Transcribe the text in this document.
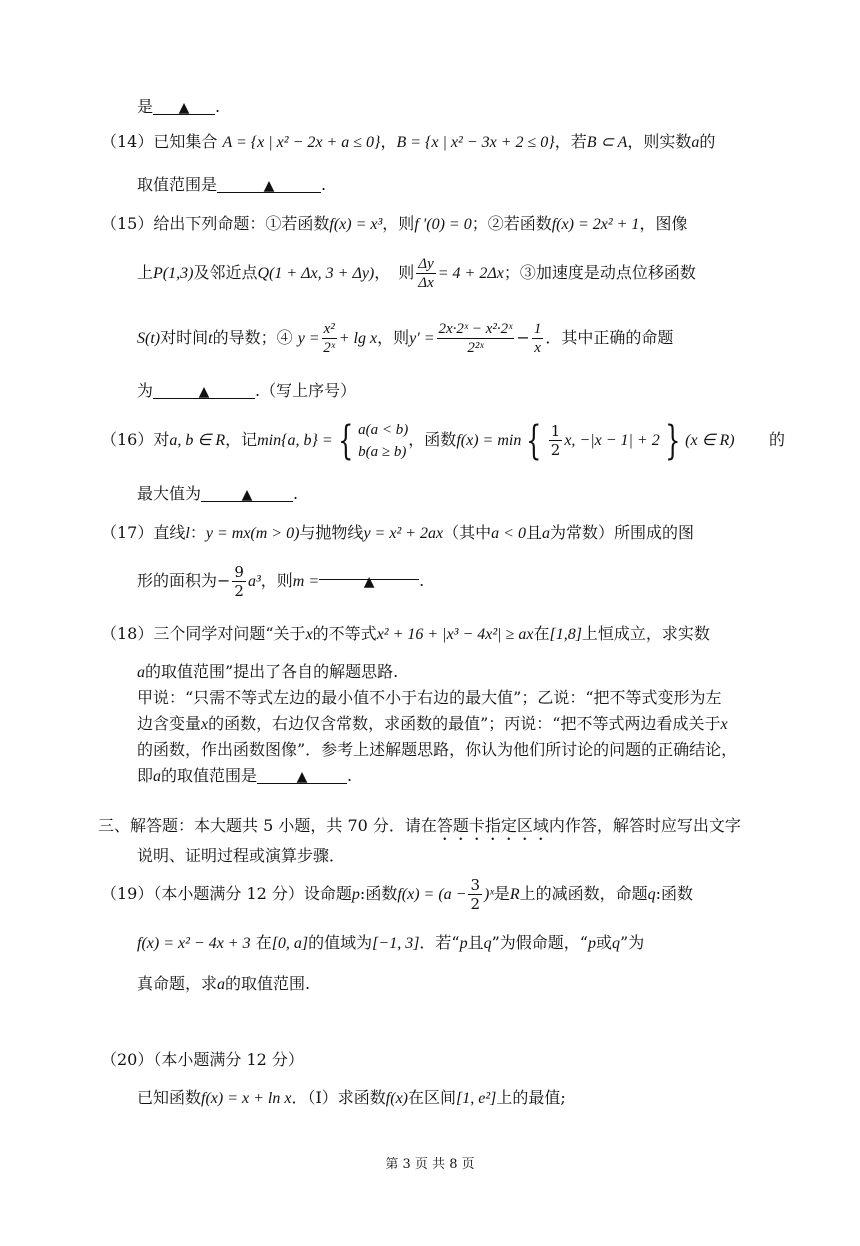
是 ▲ .
（14）已知集合 A = {x | x² − 2x + a ≤ 0}，B = {x | x² − 3x + 2 ≤ 0}，若B ⊂ A，则实数a的
取值范围是	▲	.
（15）给出下列命题：①若函数f(x) = x³，则f ′(0) = 0；②若函数f(x) = 2x² + 1，图像
上P(1,3)及邻近点Q(1 + Δx, 3 + Δy)，　则 $\frac{\Delta y}{\Delta x} = 4 + 2\Delta x$；③加速度是动点位移函数
S(t)对时间t的导数；④ $y = \frac{\text{x²}}{\text{2ˣ}} + \lg x$，则$y' = \frac{\text{2x·2ˣ − x²·2ˣ}}{\text{2²ˣ}} - \frac{1}{x}$ ．其中正确的命题
为	▲	.（写上序号）
（16）对a, b ∈ R，记min{a, b} = { a(a < b)
b(a ≥ b)
，函数f(x) = min { $\frac{1}{2} x$, −|x − 1| + 2 } (x ∈ R) 的
最大值为	▲	.
（17）直线l：y = mx(m > 0)与抛物线y = x² + 2ax（其中a < 0且a为常数）所围成的图
形的面积为− $\frac{9}{2} a^3$，则m =	▲	.
（18）三个同学对问题“关于x的不等式x² + 16 + |x³ − 4x²| ≥ ax在[1,8]上恒成立，求实数
a的取值范围”提出了各自的解题思路.
甲说：“只需不等式左边的最小值不小于右边的最大值”；乙说：“把不等式变形为左
边含变量x的函数，右边仅含常数，求函数的最值”；丙说：“把不等式两边看成关于x
的函数，作出函数图像”．参考上述解题思路，你认为他们所讨论的问题的正确结论，
即a的取值范围是	▲ .
三、解答题：本大题共 5 小题，共 70 分．请在答题卡指定区域内作答，解答时应写出文字
说明、证明过程或演算步骤．
（19）（本小题满分 12 分）设命题p:函数$f(x) = (a - \frac{3}{2}$ )ˣ是R上的减函数，命题q:函数
f(x) = x² − 4x + 3 在[0, a]的值域为[−1, 3]．若“p且q”为假命题，“p或q”为
真命题，求a的取值范围.
（20）（本小题满分 12 分）
已知函数f(x) = x + ln x．（Ⅰ）求函数f(x)在区间[1, e²]上的最值;
第 3 页 共 8 页
